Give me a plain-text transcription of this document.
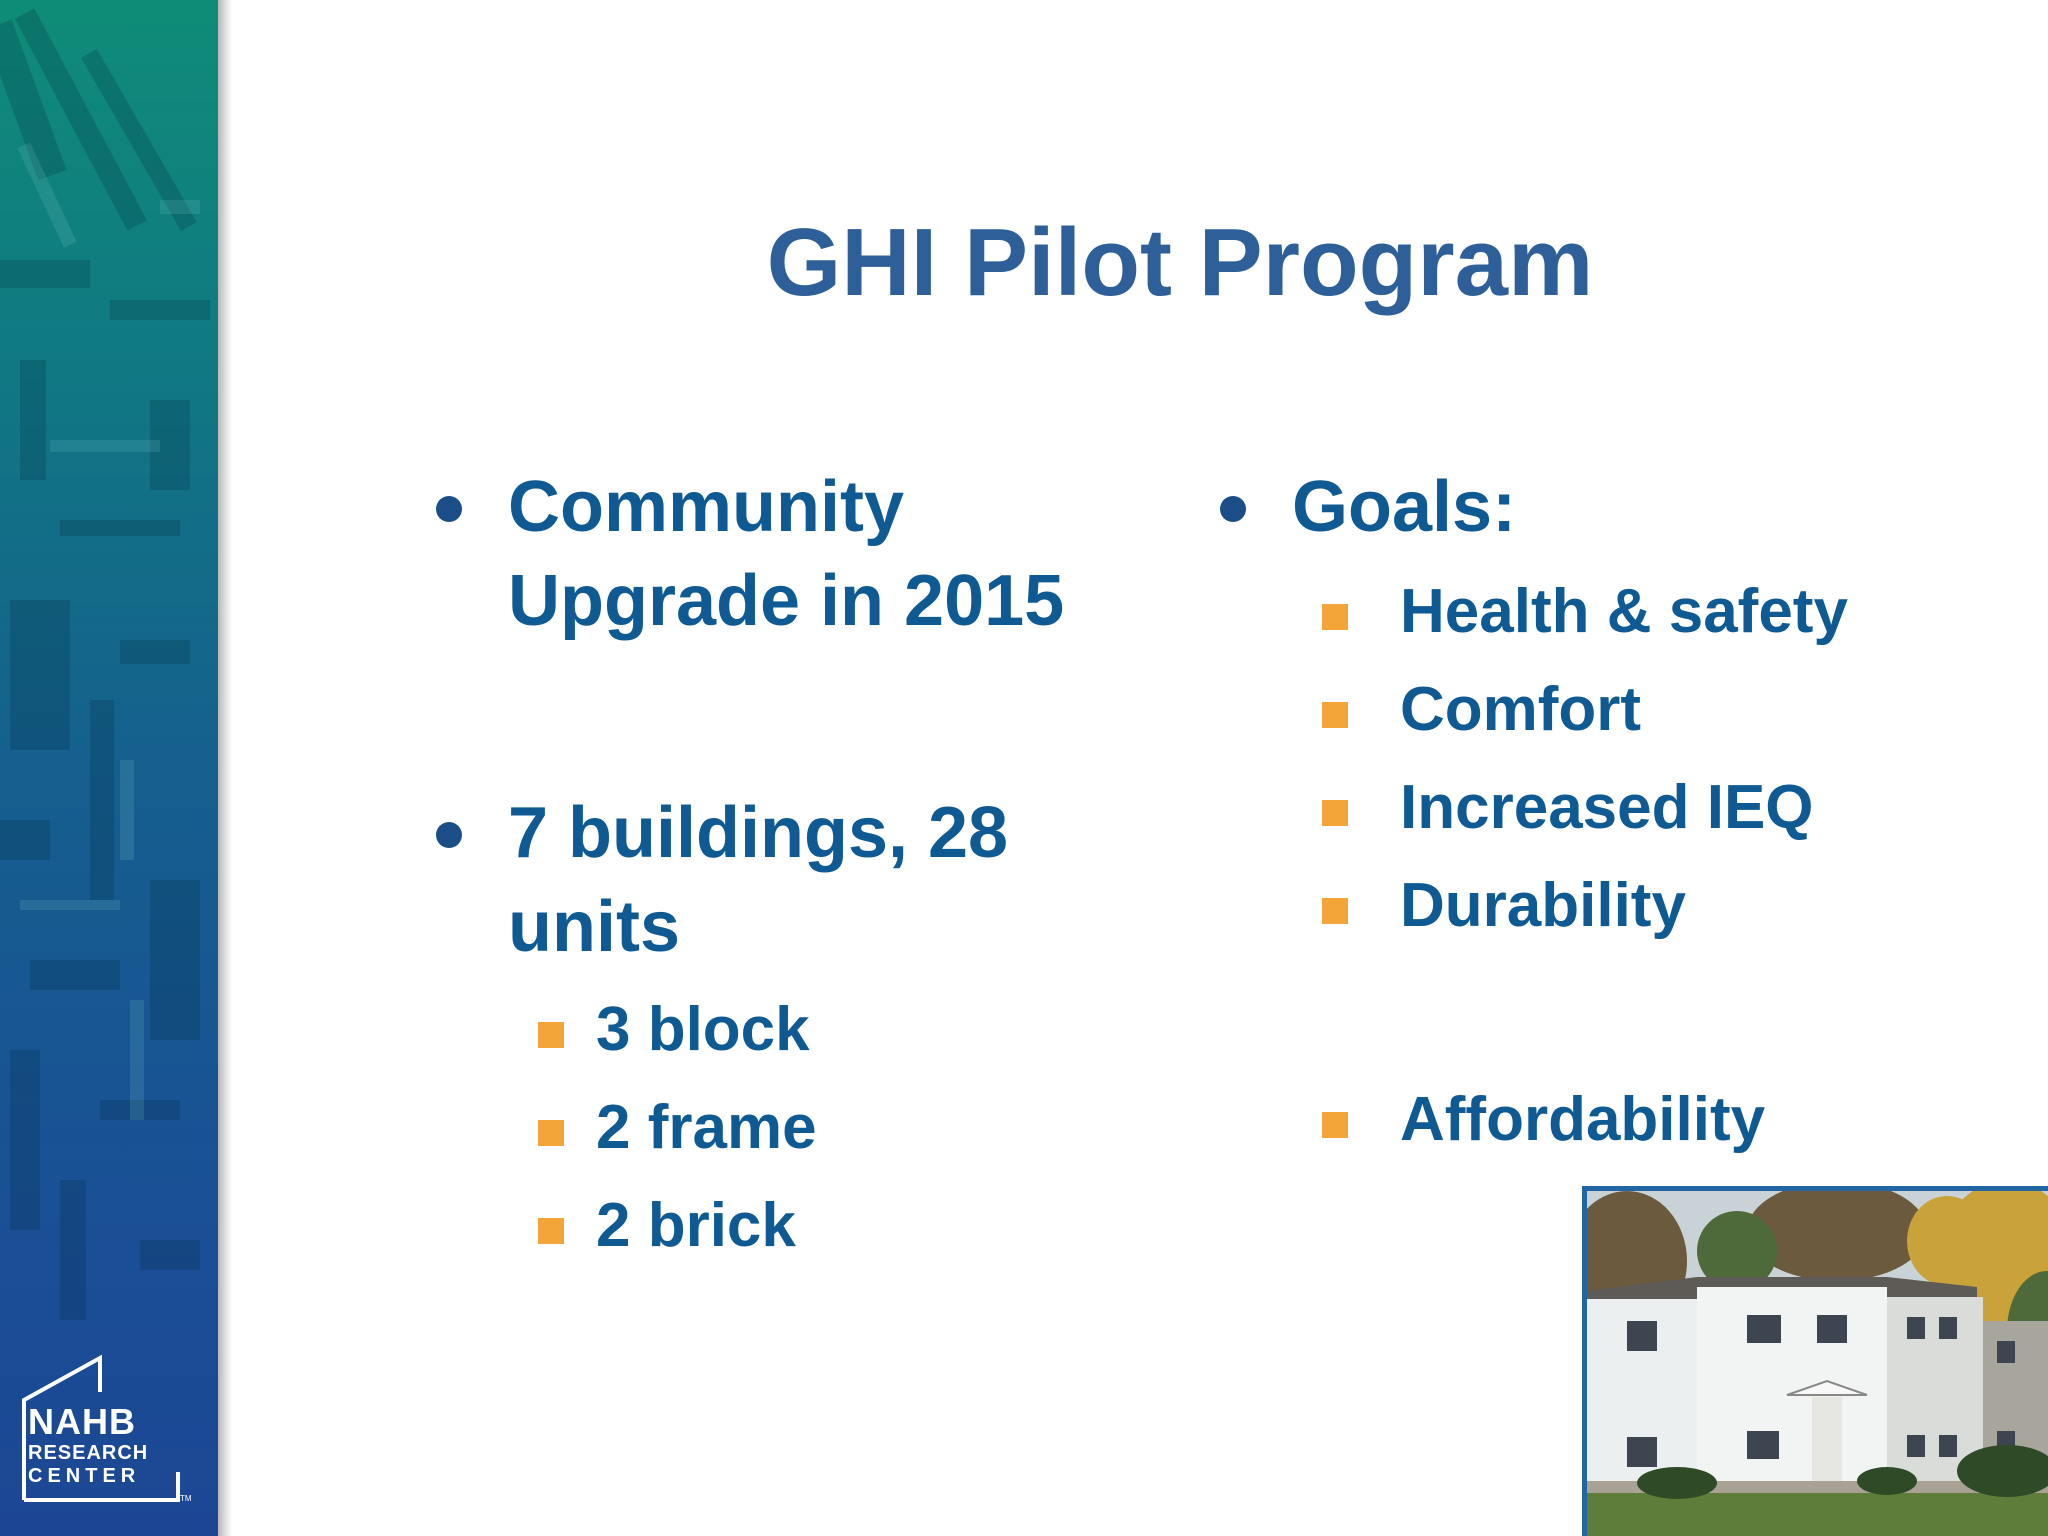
NAHB
RESEARCH
CENTER
TM
GHI Pilot Program
Community
Upgrade in 2015
7 buildings, 28
units
3 block
2 frame
2 brick
Goals:
Health & safety
Comfort
Increased IEQ
Durability
Affordability
